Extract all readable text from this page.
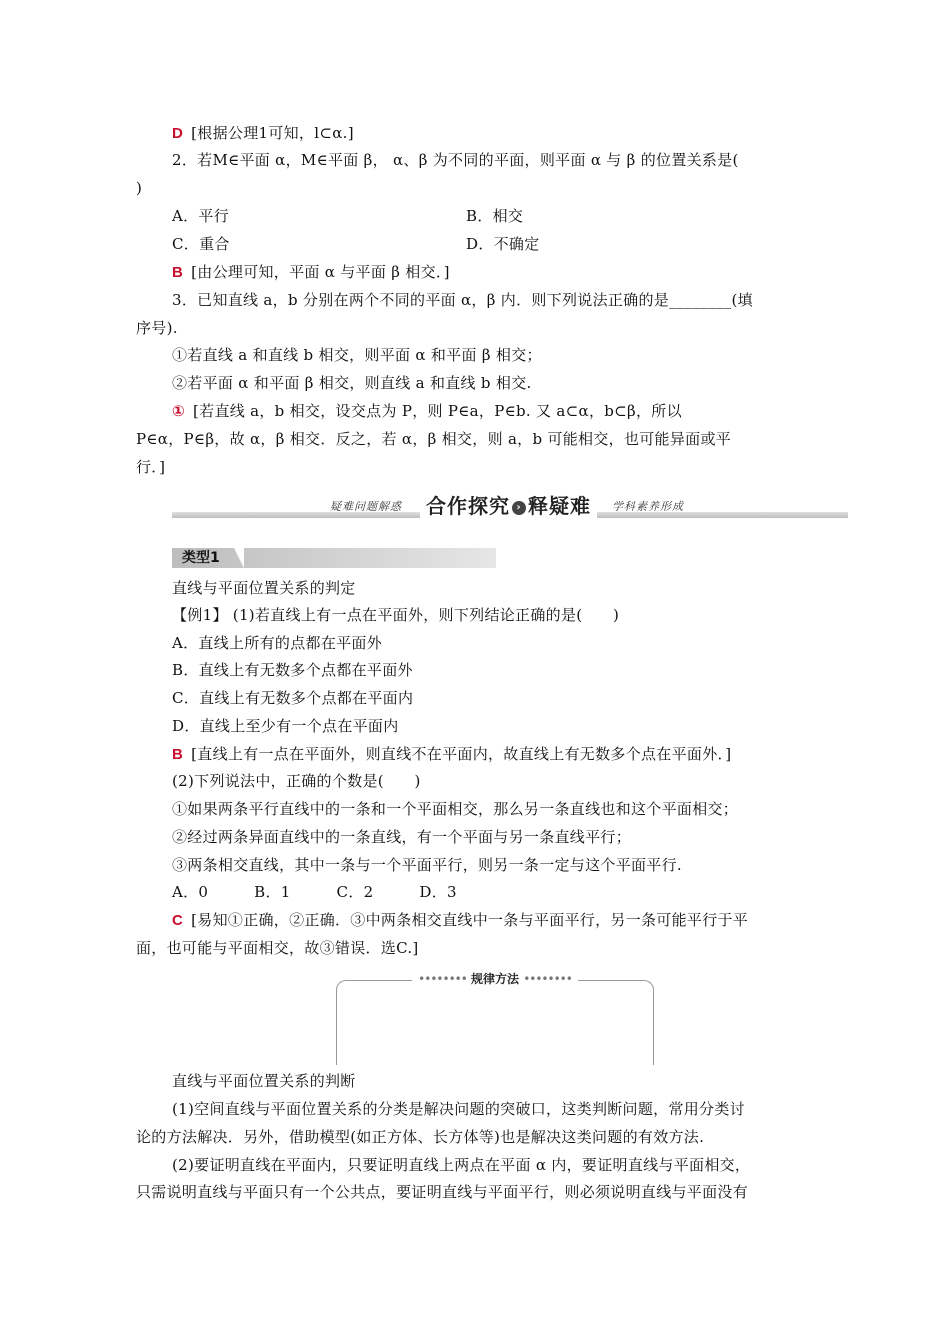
D [根据公理1可知，l⊂α.]
2．若M∈平面 α，M∈平面 β， α、β 为不同的平面，则平面 α 与 β 的位置关系是(
)
A．平行	B．相交
C．重合	D．不确定
B [由公理可知，平面 α 与平面 β 相交．]
3．已知直线 a，b 分别在两个不同的平面 α，β 内．则下列说法正确的是________(填
序号).
①若直线 a 和直线 b 相交，则平面 α 和平面 β 相交；
②若平面 α 和平面 β 相交，则直线 a 和直线 b 相交.
① [若直线 a，b 相交，设交点为 P，则 P∈a，P∈b. 又 a⊂α，b⊂β，所以
P∈α，P∈β，故 α，β 相交．反之，若 α，β 相交，则 a，b 可能相交，也可能异面或平
行．]
直线与平面位置关系的判定
【例1】 (1)若直线上有一点在平面外，则下列结论正确的是(　　)
A．直线上所有的点都在平面外
B．直线上有无数多个点都在平面外
C．直线上有无数多个点都在平面内
D．直线上至少有一个点在平面内
B [直线上有一点在平面外，则直线不在平面内，故直线上有无数多个点在平面外．]
(2)下列说法中，正确的个数是(　　)
①如果两条平行直线中的一条和一个平面相交，那么另一条直线也和这个平面相交；
②经过两条异面直线中的一条直线，有一个平面与另一条直线平行；
③两条相交直线，其中一条与一个平面平行，则另一条一定与这个平面平行.
A．0　　　B．1　　　C．2　　　D．3
C [易知①正确，②正确．③中两条相交直线中一条与平面平行，另一条可能平行于平
面，也可能与平面相交，故③错误．选C.]
直线与平面位置关系的判断
(1)空间直线与平面位置关系的分类是解决问题的突破口，这类判断问题，常用分类讨
论的方法解决．另外，借助模型(如正方体、长方体等)也是解决这类问题的有效方法.
(2)要证明直线在平面内，只要证明直线上两点在平面 α 内，要证明直线与平面相交，
只需说明直线与平面只有一个公共点，要证明直线与平面平行，则必须说明直线与平面没有
疑难问题解惑	合作探究 › 释疑难	学科素养形成
类型1
•••••••• 规律方法 ••••••••
